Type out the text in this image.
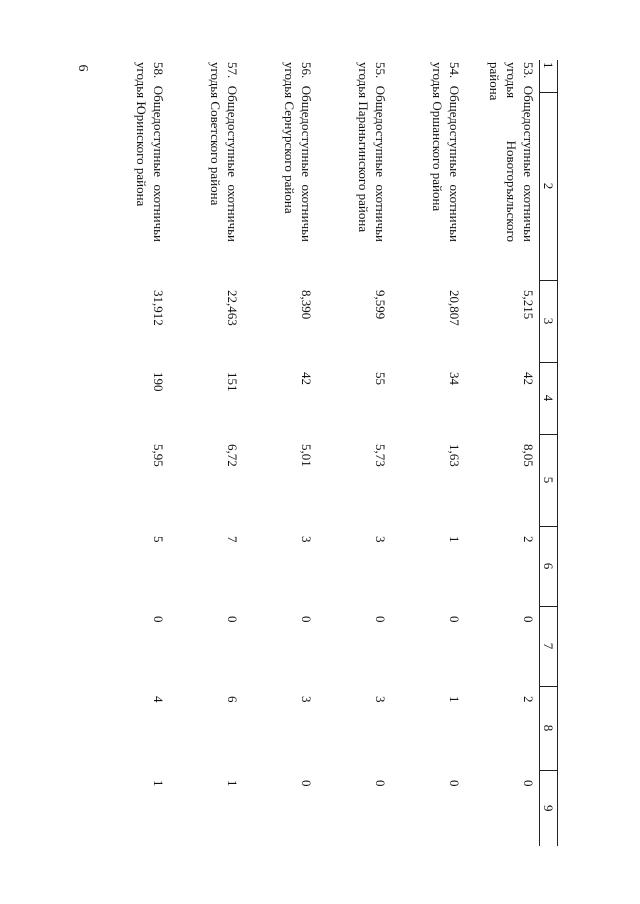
6	1	2	3	4	5	6	7	8	9

53. Общедоступные охотничьи угодья Новоторъяльского района		5,215	42	8,05	2	0	2	0

54. Общедоступные охотничьи угодья Оршанского района		20,807	34	1,63	1	0	1	0

55. Общедоступные охотничьи угодья Параньгинского района		9,599	55	5,73	3	0	3	0

56. Общедоступные охотничьи угодья Сернурского района		8,390	42	5,01	3	0	3	0

57. Общедоступные охотничьи угодья Советского района		22,463	151	6,72	7	0	6	1

58. Общедоступные охотничьи угодья Юринского района		31,912	190	5,95	5	0	4	1
